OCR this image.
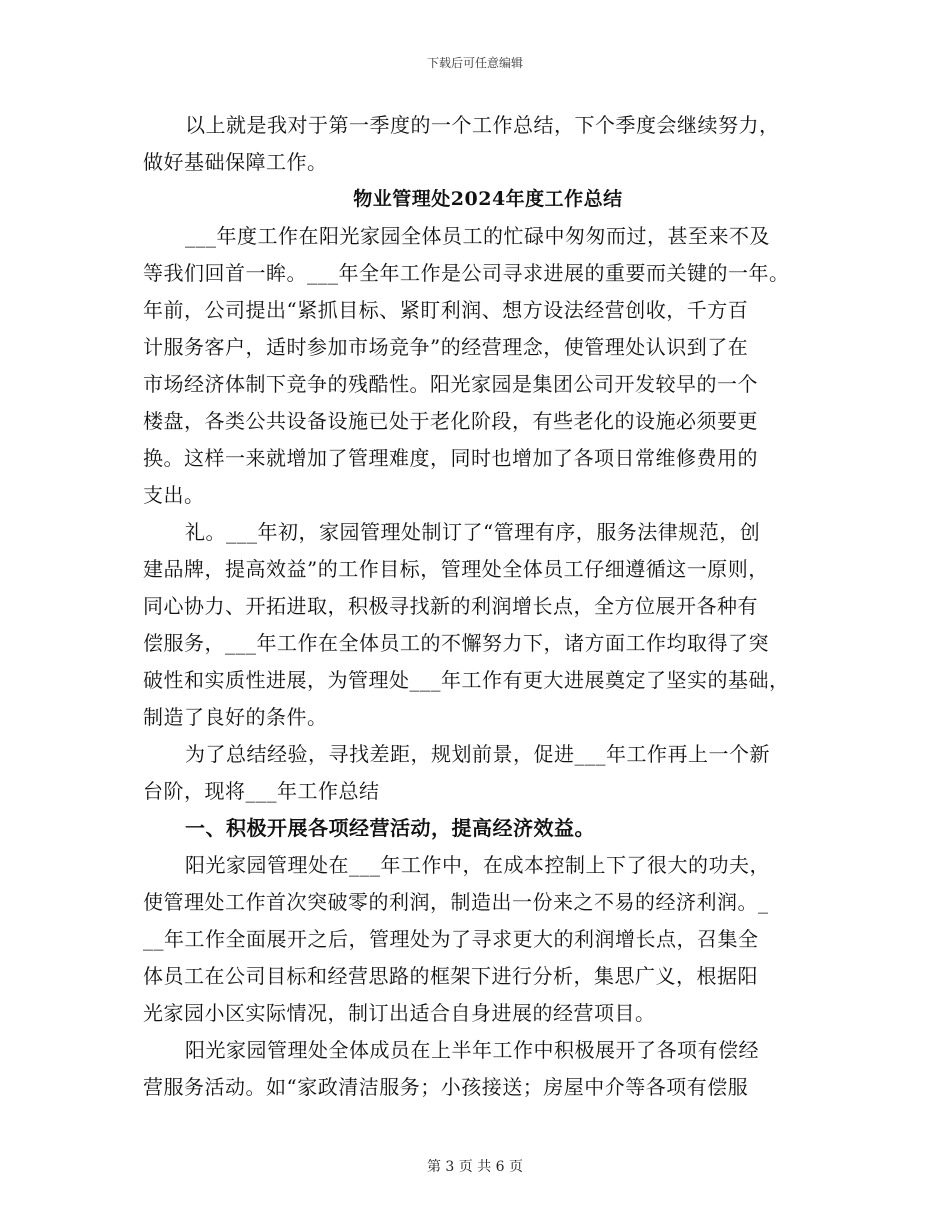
下载后可任意编辑
以上就是我对于第一季度的一个工作总结，下个季度会继续努力，
做好基础保障工作。
物业管理处2024年度工作总结
___年度工作在阳光家园全体员工的忙碌中匆匆而过，甚至来不及
等我们回首一眸。___年全年工作是公司寻求进展的重要而关键的一年。
年前，公司提出“紧抓目标、紧盯利润、想方设法经营创收，千方百
计服务客户，适时参加市场竞争”的经营理念，使管理处认识到了在
市场经济体制下竞争的残酷性。阳光家园是集团公司开发较早的一个
楼盘，各类公共设备设施已处于老化阶段，有些老化的设施必须要更
换。这样一来就增加了管理难度，同时也增加了各项日常维修费用的
支出。
礼。___年初，家园管理处制订了“管理有序，服务法律规范，创
建品牌，提高效益”的工作目标，管理处全体员工仔细遵循这一原则，
同心协力、开拓进取，积极寻找新的利润增长点，全方位展开各种有
偿服务，___年工作在全体员工的不懈努力下，诸方面工作均取得了突
破性和实质性进展，为管理处___年工作有更大进展奠定了坚实的基础，
制造了良好的条件。
为了总结经验，寻找差距，规划前景，促进___年工作再上一个新
台阶，现将___年工作总结
一、积极开展各项经营活动，提高经济效益。
阳光家园管理处在___年工作中，在成本控制上下了很大的功夫，
使管理处工作首次突破零的利润，制造出一份来之不易的经济利润。_
__年工作全面展开之后，管理处为了寻求更大的利润增长点，召集全
体员工在公司目标和经营思路的框架下进行分析，集思广义，根据阳
光家园小区实际情况，制订出适合自身进展的经营项目。
阳光家园管理处全体成员在上半年工作中积极展开了各项有偿经
营服务活动。如“家政清洁服务；小孩接送；房屋中介等各项有偿服
第 3 页 共 6 页
